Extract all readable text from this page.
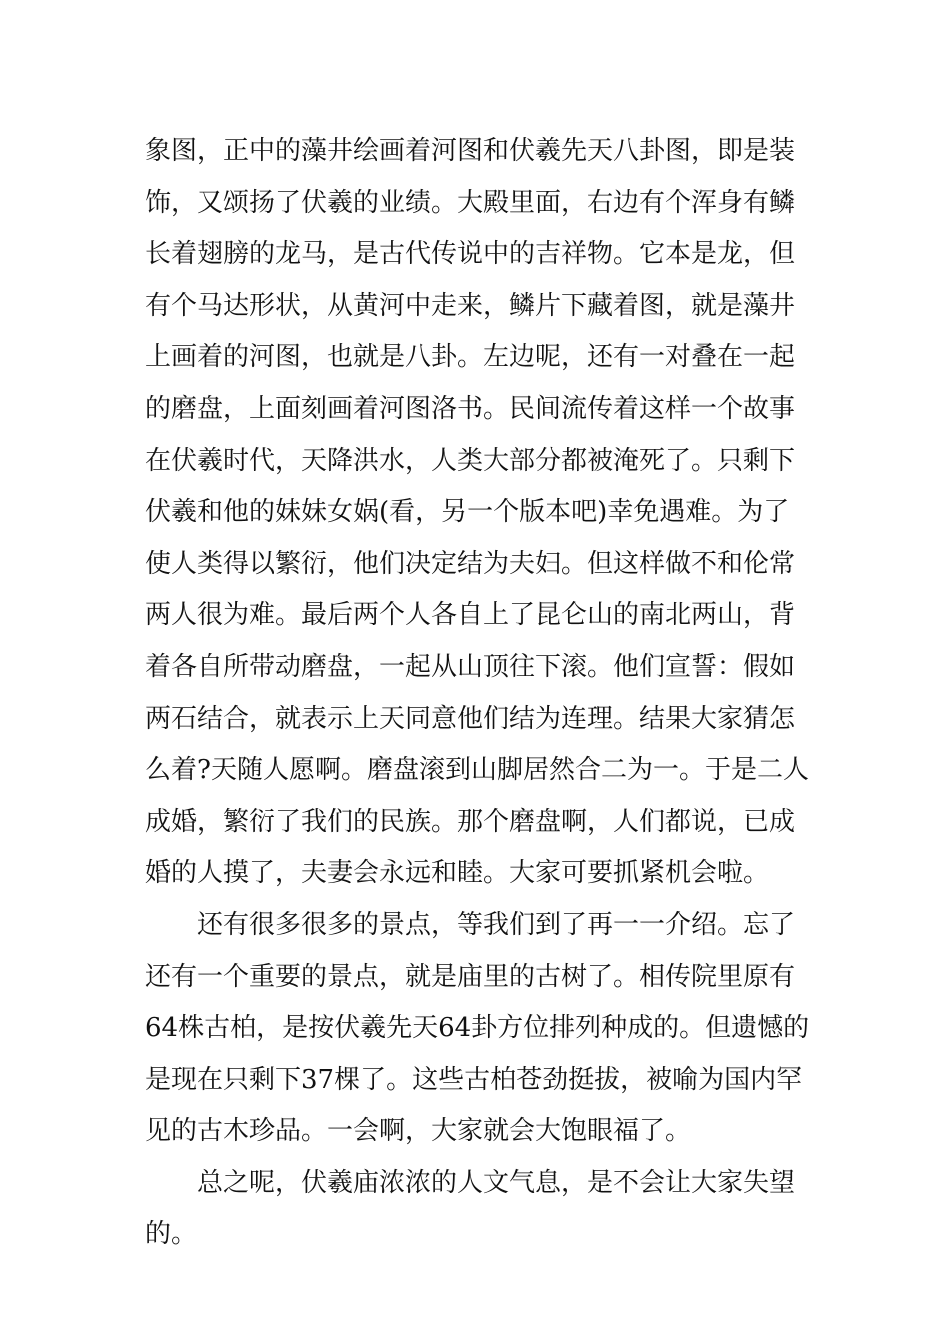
象图，正中的藻井绘画着河图和伏羲先天八卦图，即是装
饰，又颂扬了伏羲的业绩。大殿里面，右边有个浑身有鳞
长着翅膀的龙马，是古代传说中的吉祥物。它本是龙，但
有个马达形状，从黄河中走来，鳞片下藏着图，就是藻井
上画着的河图，也就是八卦。左边呢，还有一对叠在一起
的磨盘，上面刻画着河图洛书。民间流传着这样一个故事
在伏羲时代，天降洪水，人类大部分都被淹死了。只剩下
伏羲和他的妹妹女娲(看，另一个版本吧)幸免遇难。为了
使人类得以繁衍，他们决定结为夫妇。但这样做不和伦常
两人很为难。最后两个人各自上了昆仑山的南北两山，背
着各自所带动磨盘，一起从山顶往下滚。他们宣誓：假如
两石结合，就表示上天同意他们结为连理。结果大家猜怎
么着?天随人愿啊。磨盘滚到山脚居然合二为一。于是二人
成婚，繁衍了我们的民族。那个磨盘啊，人们都说，已成
婚的人摸了，夫妻会永远和睦。大家可要抓紧机会啦。
还有很多很多的景点，等我们到了再一一介绍。忘了
还有一个重要的景点，就是庙里的古树了。相传院里原有
64株古柏，是按伏羲先天64卦方位排列种成的。但遗憾的
是现在只剩下37棵了。这些古柏苍劲挺拔，被喻为国内罕
见的古木珍品。一会啊，大家就会大饱眼福了。
总之呢，伏羲庙浓浓的人文气息，是不会让大家失望
的。
